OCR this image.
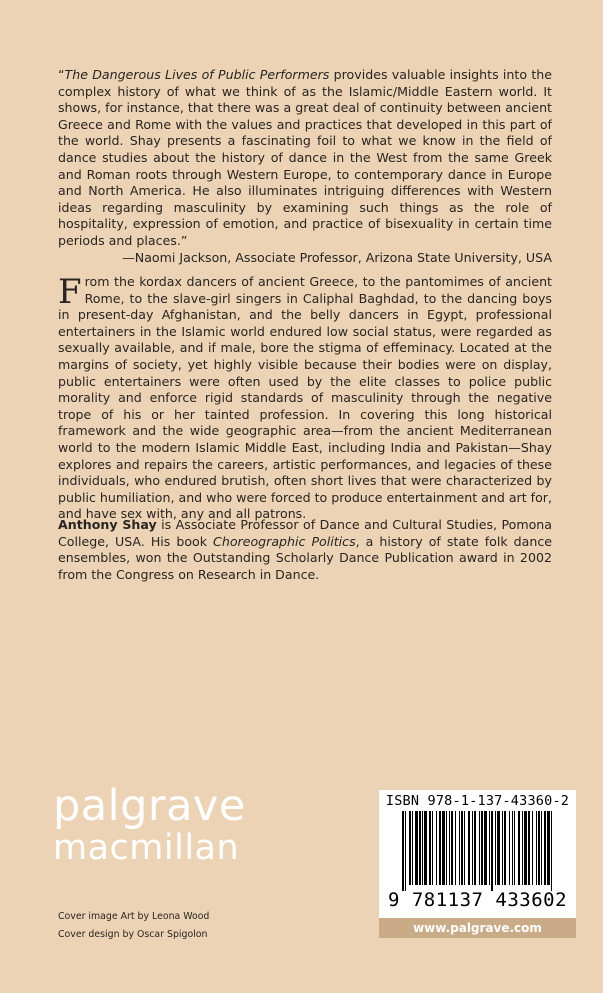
“The Dangerous Lives of Public Performers provides valuable insights into the complex history of what we think of as the Islamic/Middle Eastern world. It shows, for instance, that there was a great deal of continuity between ancient Greece and Rome with the values and practices that developed in this part of the world. Shay presents a fascinating foil to what we know in the field of dance studies about the history of dance in the West from the same Greek and Roman roots through Western Europe, to contemporary dance in Europe and North America. He also illuminates intriguing differences with Western ideas regarding masculinity by examining such things as the role of hospitality, expression of emotion, and practice of bisexuality in certain time periods and places.”

—Naomi Jackson, Associate Professor, Arizona State University, USA

From the kordax dancers of ancient Greece, to the pantomimes of ancient Rome, to the slave-girl singers in Caliphal Baghdad, to the dancing boys in present-day Afghanistan, and the belly dancers in Egypt, professional entertainers in the Islamic world endured low social status, were regarded as sexually available, and if male, bore the stigma of effeminacy. Located at the margins of society, yet highly visible because their bodies were on display, public entertainers were often used by the elite classes to police public morality and enforce rigid standards of masculinity through the negative trope of his or her tainted profession. In covering this long historical framework and the wide geographic area—from the ancient Mediterranean world to the modern Islamic Middle East, including India and Pakistan—Shay explores and repairs the careers, artistic performances, and legacies of these individuals, who endured brutish, often short lives that were characterized by public humiliation, and who were forced to produce entertainment and art for, and have sex with, any and all patrons.

Anthony Shay is Associate Professor of Dance and Cultural Studies, Pomona College, USA. His book Choreographic Politics, a history of state folk dance ensembles, won the Outstanding Scholarly Dance Publication award in 2002 from the Congress on Research in Dance.

palgrave
macmillan
Cover image Art by Leona Wood
Cover design by Oscar Spigolon
ISBN 978-1-137-43360-2
9 781137 433602
www.palgrave.com
